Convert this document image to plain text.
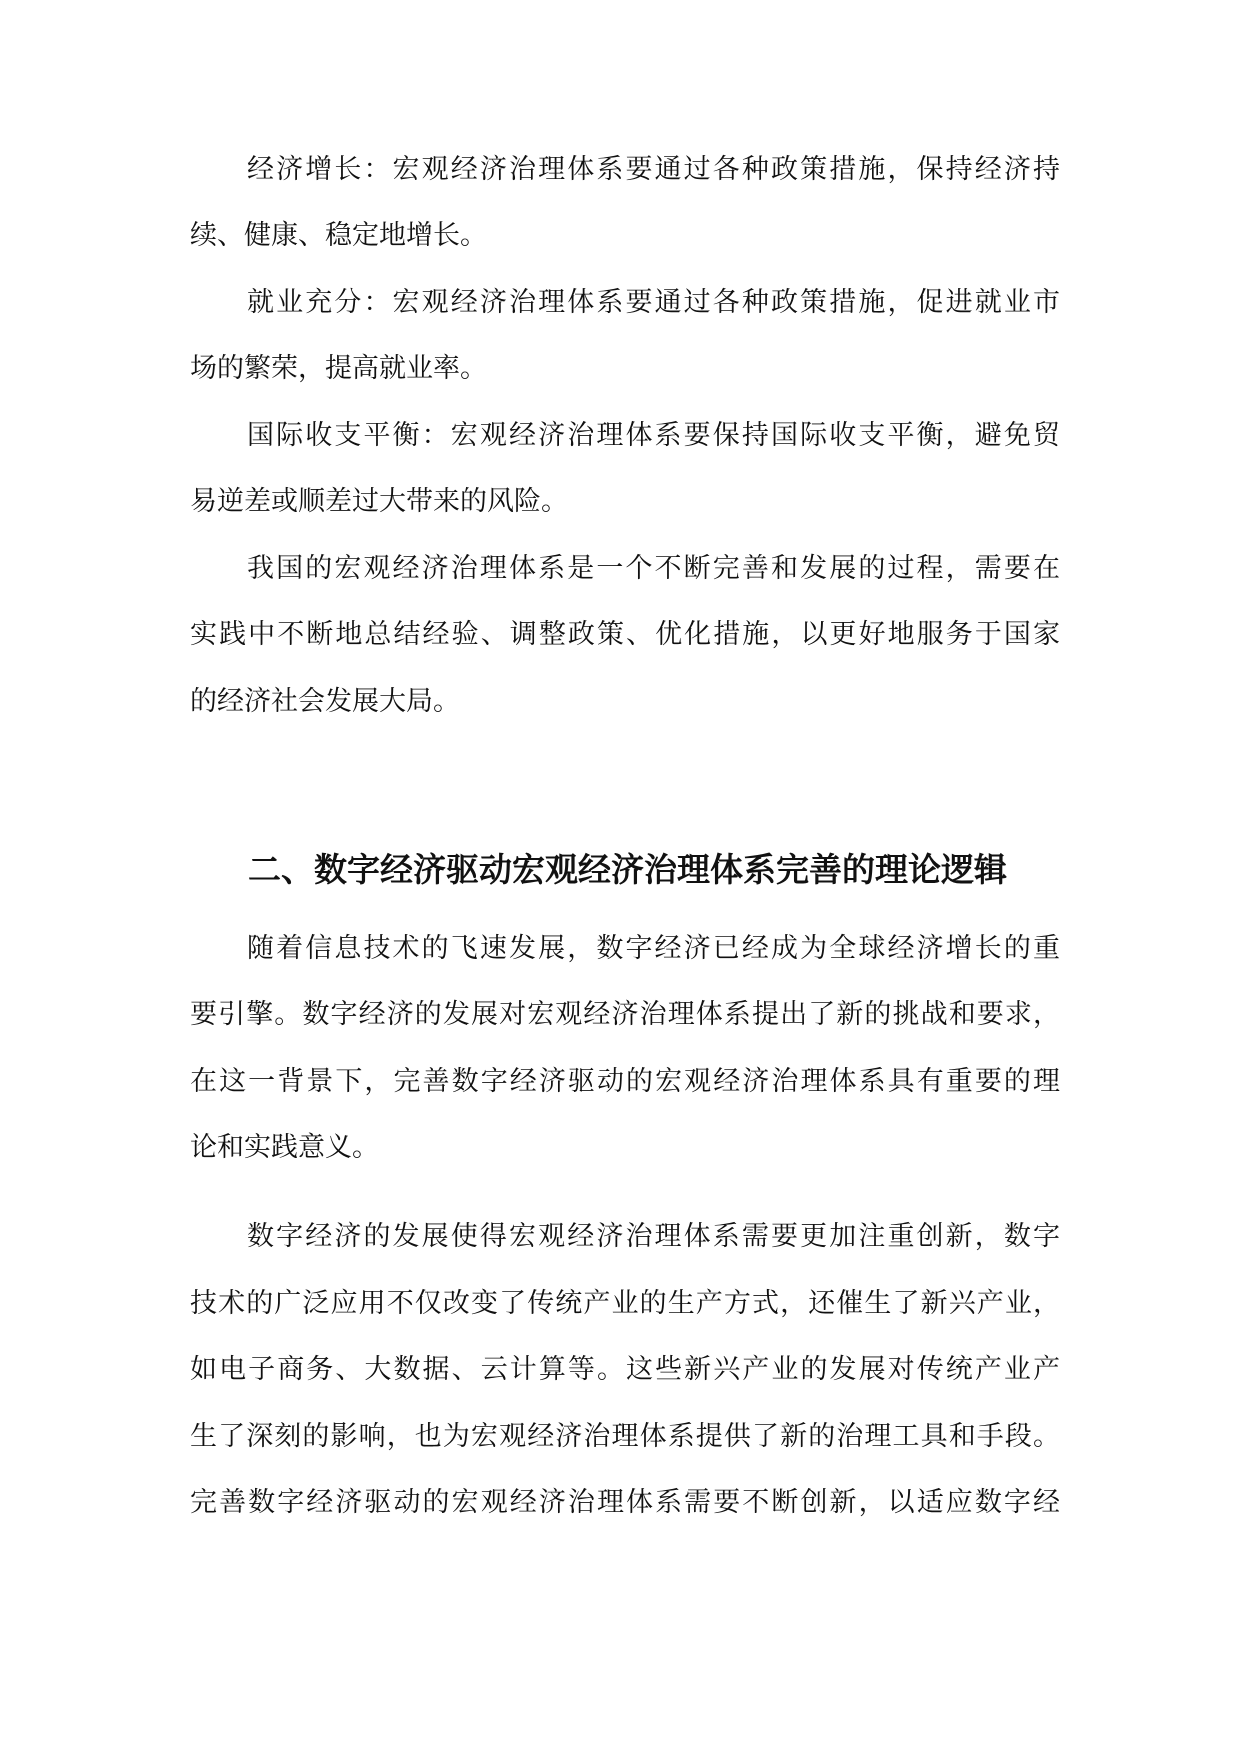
经济增长：宏观经济治理体系要通过各种政策措施，保持经济持
续、健康、稳定地增长。
就业充分：宏观经济治理体系要通过各种政策措施，促进就业市
场的繁荣，提高就业率。
国际收支平衡：宏观经济治理体系要保持国际收支平衡，避免贸
易逆差或顺差过大带来的风险。
我国的宏观经济治理体系是一个不断完善和发展的过程，需要在
实践中不断地总结经验、调整政策、优化措施，以更好地服务于国家
的经济社会发展大局。
二、数字经济驱动宏观经济治理体系完善的理论逻辑
随着信息技术的飞速发展，数字经济已经成为全球经济增长的重
要引擎。数字经济的发展对宏观经济治理体系提出了新的挑战和要求，
在这一背景下，完善数字经济驱动的宏观经济治理体系具有重要的理
论和实践意义。
数字经济的发展使得宏观经济治理体系需要更加注重创新，数字
技术的广泛应用不仅改变了传统产业的生产方式，还催生了新兴产业，
如电子商务、大数据、云计算等。这些新兴产业的发展对传统产业产
生了深刻的影响，也为宏观经济治理体系提供了新的治理工具和手段。
完善数字经济驱动的宏观经济治理体系需要不断创新，以适应数字经
